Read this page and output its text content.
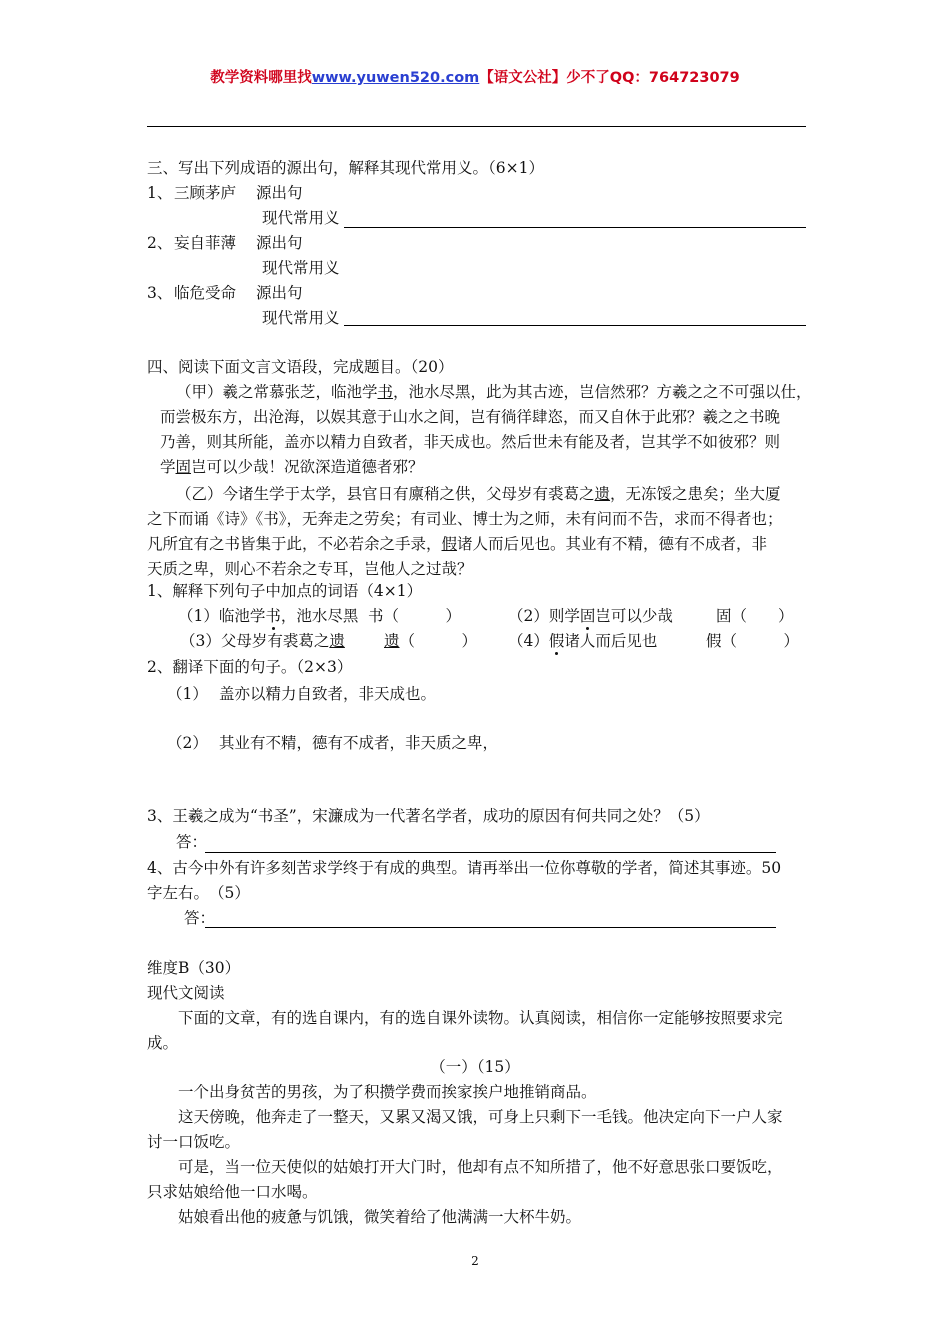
教学资料哪里找www.yuwen520.com【语文公社】少不了QQ：764723079
三、写出下列成语的源出句，解释其现代常用义。（6×1）
1、 三顾茅庐 源出句
现代常用义
2、 妄自菲薄 源出句
现代常用义
3、 临危受命 源出句
现代常用义
四、阅读下面文言文语段，完成题目。（20）
（甲）羲之常慕张芝，临池学书，池水尽黑，此为其古迹，岂信然邪？方羲之之不可强以仕，
而尝极东方，出沧海，以娱其意于山水之间，岂有徜徉肆恣，而又自休于此邪？羲之之书晚
乃善，则其所能，盖亦以精力自致者，非天成也。然后世未有能及者，岂其学不如彼邪？则
学固岂可以少哉！况欲深造道德者邪？
（乙）今诸生学于太学，县官日有廪稍之供，父母岁有裘葛之遗，无冻馁之患矣；坐大厦
之下而诵《诗》《书》，无奔走之劳矣；有司业、博士为之师，未有问而不告，求而不得者也；
凡所宜有之书皆集于此，不必若余之手录，假诸人而后见也。其业有不精，德有不成者，非
天质之卑，则心不若余之专耳，岂他人之过哉？
1、解释下列句子中加点的词语（4×1）
（1）临池学书，池水尽黑 书（　　　）	（2）则学固岂可以少哉	固（　　）
（3）父母岁有裘葛之遗	遗（　　　） （4）假诸人而后见也	假（　　　）
2、翻译下面的句子。（2×3）
（1） 盖亦以精力自致者，非天成也。
（2） 其业有不精，德有不成者，非天质之卑，
3、王羲之成为“书圣”，宋濂成为一代著名学者，成功的原因有何共同之处？（5）
答：
4、古今中外有许多刻苦求学终于有成的典型。请再举出一位你尊敬的学者，简述其事迹。50
字左右。　（5）
答：
维度B（30）
现代文阅读
下面的文章，有的选自课内，有的选自课外读物。认真阅读，相信你一定能够按照要求完
成。
（一）（15）
一个出身贫苦的男孩，为了积攒学费而挨家挨户地推销商品。
这天傍晚，他奔走了一整天，又累又渴又饿，可身上只剩下一毛钱。他决定向下一户人家
讨一口饭吃。
可是，当一位天使似的姑娘打开大门时，他却有点不知所措了，他不好意思张口要饭吃，
只求姑娘给他一口水喝。
姑娘看出他的疲惫与饥饿，微笑着给了他满满一大杯牛奶。
2
